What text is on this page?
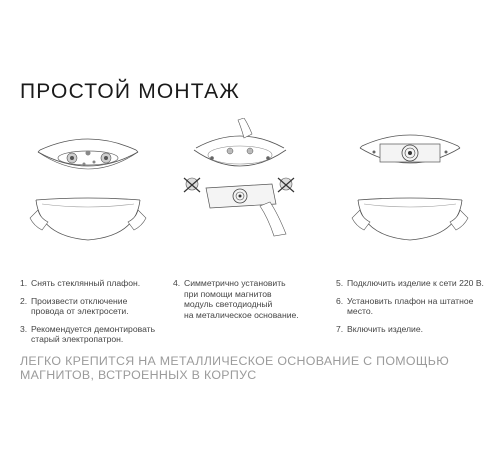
ПРОСТОЙ МОНТАЖ
1. Снять стеклянный плафон.
2. Произвести отключение
провода от электросети.
3. Рекомендуется демонтировать
старый электропатрон.
4. Симметрично установить
при помощи магнитов
модуль светодиодный
на металическое основание.
5. Подключить изделие к сети 220 В.
6. Установить плафон на штатное
место.
7. Включить изделие.

ЛЕГКО КРЕПИТСЯ НА МЕТАЛЛИЧЕСКОЕ ОСНОВАНИЕ С ПОМОЩЬЮ МАГНИТОВ, ВСТРОЕННЫХ В КОРПУС
